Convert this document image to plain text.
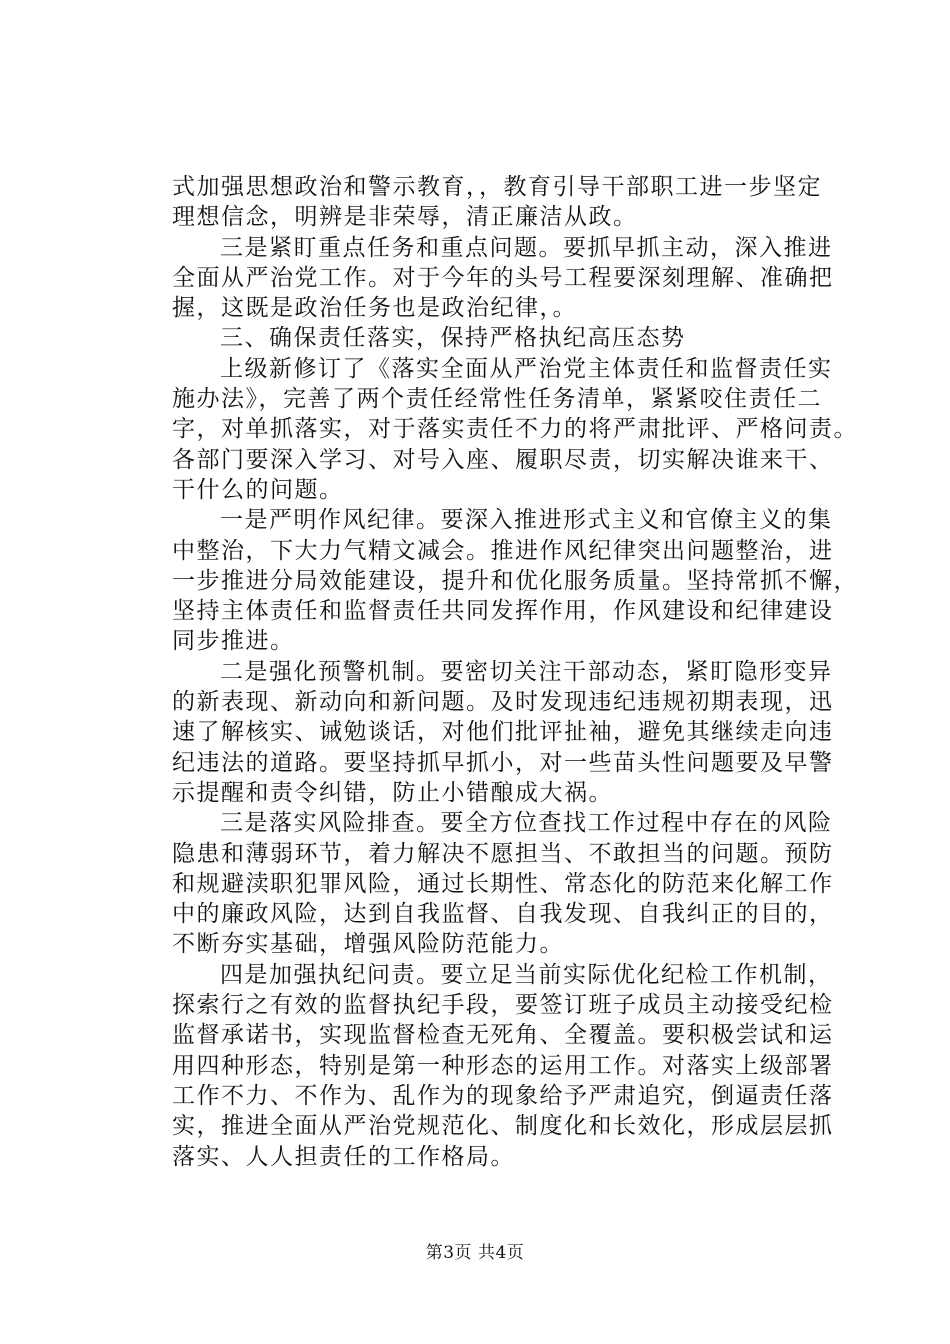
式加强思想政治和警示教育，，教育引导干部职工进一步坚定
理想信念，明辨是非荣辱，清正廉洁从政。
三是紧盯重点任务和重点问题。要抓早抓主动，深入推进
全面从严治党工作。对于今年的头号工程要深刻理解、准确把
握，这既是政治任务也是政治纪律，。
三、确保责任落实，保持严格执纪高压态势
上级新修订了《落实全面从严治党主体责任和监督责任实
施办法》，完善了两个责任经常性任务清单，紧紧咬住责任二
字，对单抓落实，对于落实责任不力的将严肃批评、严格问责。
各部门要深入学习、对号入座、履职尽责，切实解决谁来干、
干什么的问题。
一是严明作风纪律。要深入推进形式主义和官僚主义的集
中整治，下大力气精文减会。推进作风纪律突出问题整治，进
一步推进分局效能建设，提升和优化服务质量。坚持常抓不懈，
坚持主体责任和监督责任共同发挥作用，作风建设和纪律建设
同步推进。
二是强化预警机制。要密切关注干部动态，紧盯隐形变异
的新表现、新动向和新问题。及时发现违纪违规初期表现，迅
速了解核实、诫勉谈话，对他们批评扯袖，避免其继续走向违
纪违法的道路。要坚持抓早抓小，对一些苗头性问题要及早警
示提醒和责令纠错，防止小错酿成大祸。
三是落实风险排查。要全方位查找工作过程中存在的风险
隐患和薄弱环节，着力解决不愿担当、不敢担当的问题。预防
和规避渎职犯罪风险，通过长期性、常态化的防范来化解工作
中的廉政风险，达到自我监督、自我发现、自我纠正的目的，
不断夯实基础，增强风险防范能力。
四是加强执纪问责。要立足当前实际优化纪检工作机制，
探索行之有效的监督执纪手段，要签订班子成员主动接受纪检
监督承诺书，实现监督检查无死角、全覆盖。要积极尝试和运
用四种形态，特别是第一种形态的运用工作。对落实上级部署
工作不力、不作为、乱作为的现象给予严肃追究，倒逼责任落
实，推进全面从严治党规范化、制度化和长效化，形成层层抓
落实、人人担责任的工作格局。
第3页 共4页
